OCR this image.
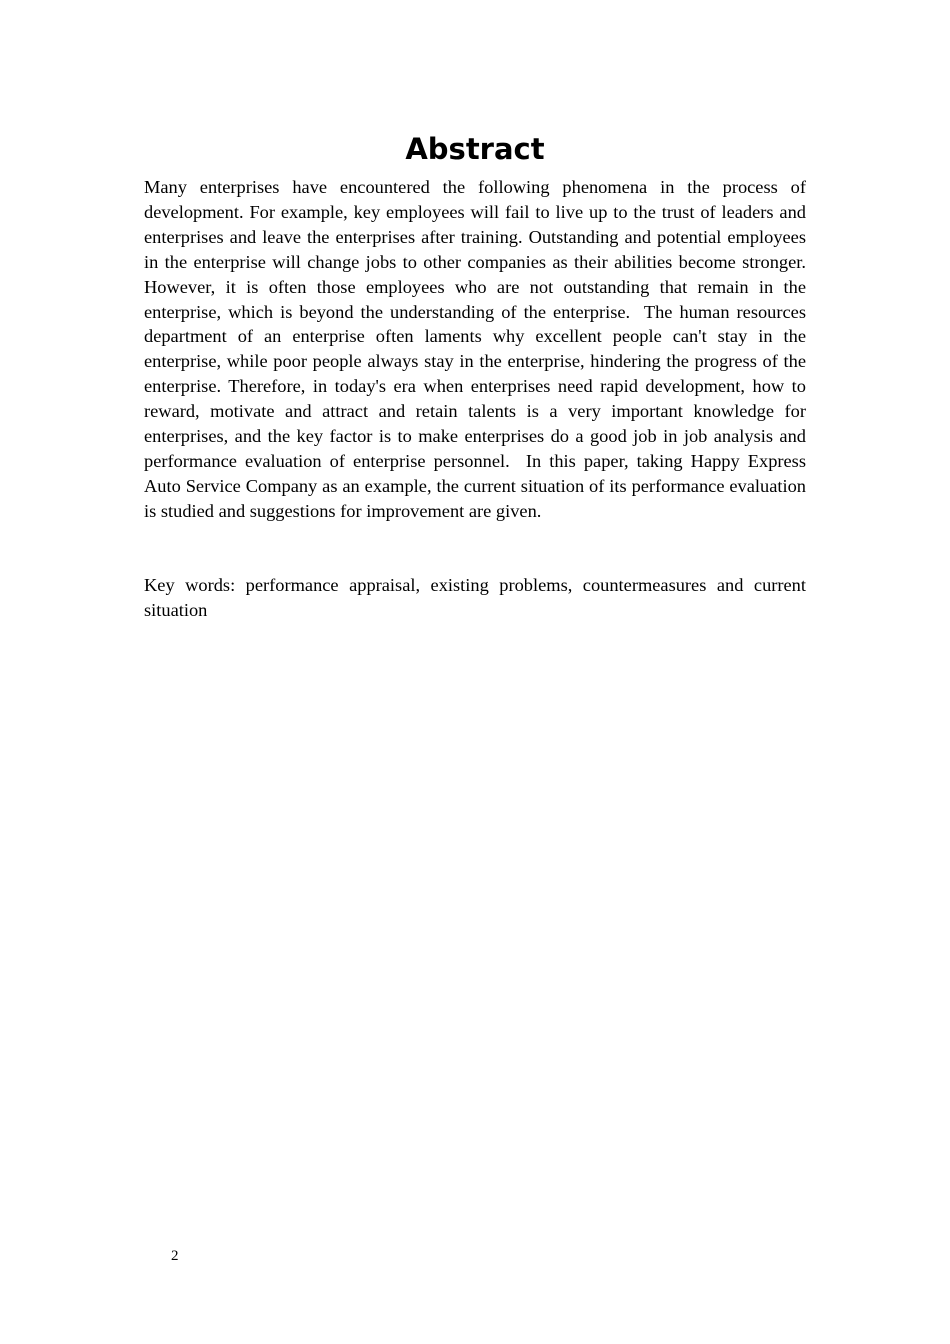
Abstract

Many enterprises have encountered the following phenomena in the process of development. For example, key employees will fail to live up to the trust of leaders and enterprises and leave the enterprises after training. Outstanding and potential employees in the enterprise will change jobs to other companies as their abilities become stronger.  However, it is often those employees who are not outstanding that remain in the enterprise, which is beyond the understanding of the enterprise.  The human resources department of an enterprise often laments why excellent people can't stay in the enterprise, while poor people always stay in the enterprise, hindering the progress of the enterprise. Therefore, in today's era when enterprises need rapid development, how to reward, motivate and attract and retain talents is a very important knowledge for enterprises, and the key factor is to make enterprises do a good job in job analysis and performance evaluation of enterprise personnel.  In this paper, taking Happy Express Auto Service Company as an example, the current situation of its performance evaluation is studied and suggestions for improvement are given.

Key words: performance appraisal, existing problems, countermeasures and current situation

2
